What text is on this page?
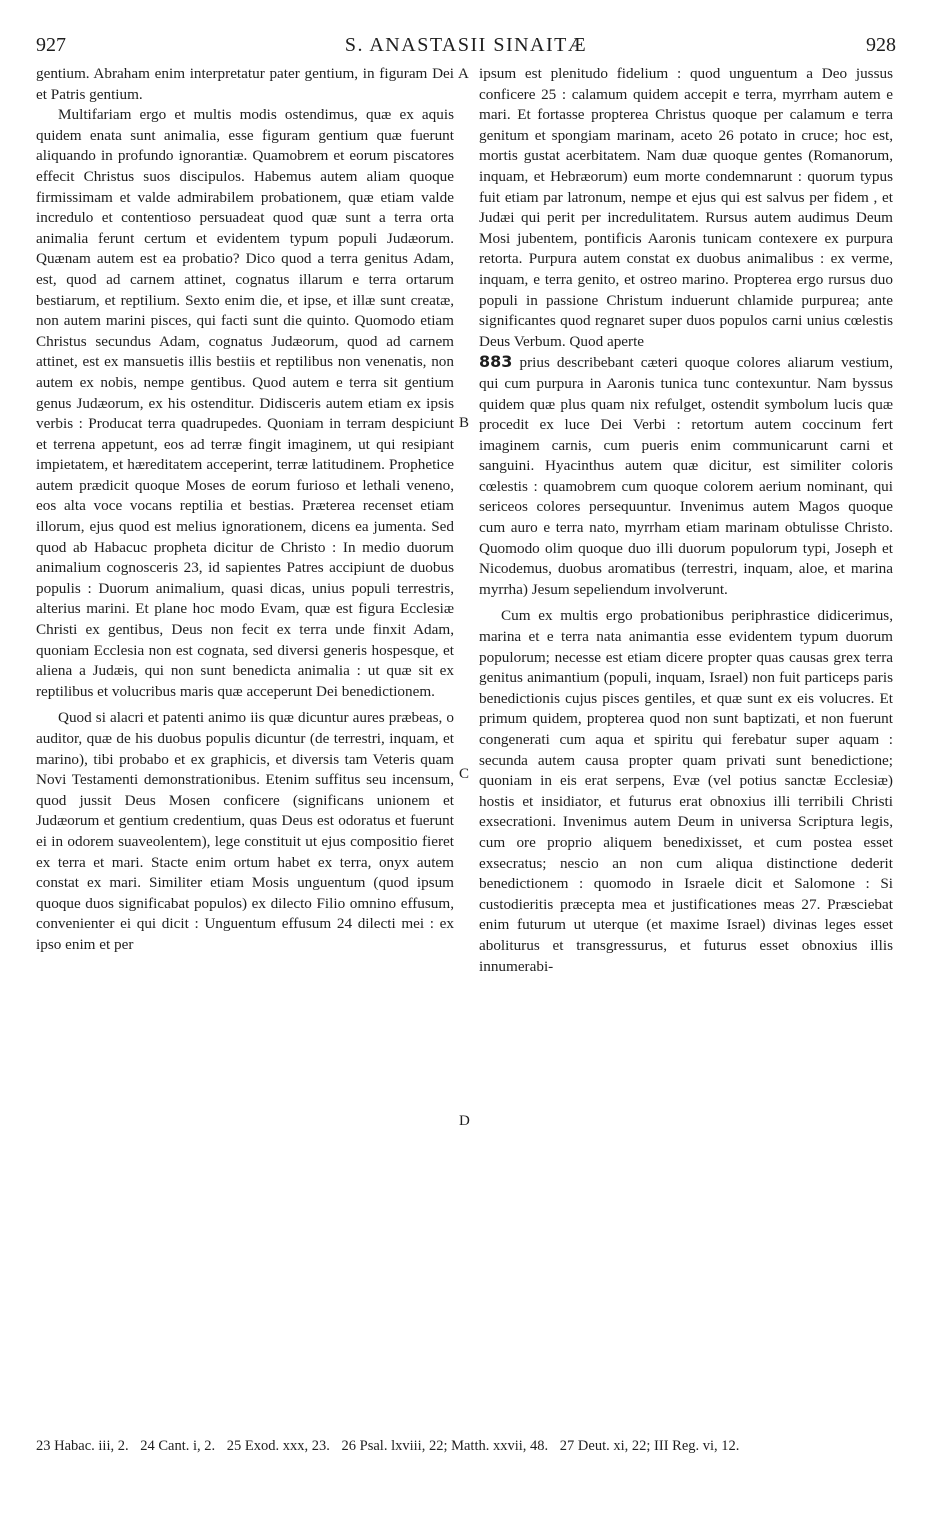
927	S. ANASTASII SINAITÆ	928
A
B
C
D

gentium. Abraham enim interpretatur pater gentium, in figuram Dei et Patris gentium.

Multifariam ergo et multis modis ostendimus, quæ ex aquis quidem enata sunt animalia, esse figuram gentium quæ fuerunt aliquando in profundo ignorantiæ. Quamobrem et eorum piscatores effecit Christus suos discipulos. Habemus autem aliam quoque firmissimam et valde admirabilem probationem, quæ etiam valde incredulo et contentioso persuadeat quod quæ sunt a terra orta animalia ferunt certum et evidentem typum populi Judæorum. Quænam autem est ea probatio? Dico quod a terra genitus Adam, est, quod ad carnem attinet, cognatus illarum e terra ortarum bestiarum, et reptilium. Sexto enim die, et ipse, et illæ sunt creatæ, non autem marini pisces, qui facti sunt die quinto. Quomodo etiam Christus secundus Adam, cognatus Judæorum, quod ad carnem attinet, est ex mansuetis illis bestiis et reptilibus non venenatis, non autem ex nobis, nempe gentibus. Quod autem e terra sit gentium genus Judæorum, ex his ostenditur. Didisceris autem etiam ex ipsis verbis : Producat terra quadrupedes. Quoniam in terram despiciunt et terrena appetunt, eos ad terræ fingit imaginem, ut qui resipiant impietatem, et hæreditatem acceperint, terræ latitudinem. Prophetice autem prædicit quoque Moses de eorum furioso et lethali veneno, eos alta voce vocans reptilia et bestias. Præterea recenset etiam illorum, ejus quod est melius ignorationem, dicens ea jumenta. Sed quod ab Habacuc propheta dicitur de Christo : In medio duorum animalium cognosceris 23, id sapientes Patres accipiunt de duobus populis : Duorum animalium, quasi dicas, unius populi terrestris, alterius marini. Et plane hoc modo Evam, quæ est figura Ecclesiæ Christi ex gentibus, Deus non fecit ex terra unde finxit Adam, quoniam Ecclesia non est cognata, sed diversi generis hospesque, et aliena a Judæis, qui non sunt benedicta animalia : ut quæ sit ex reptilibus et volucribus maris quæ acceperunt Dei benedictionem.

Quod si alacri et patenti animo iis quæ dicuntur aures præbeas, o auditor, quæ de his duobus populis dicuntur (de terrestri, inquam, et marino), tibi probabo et ex graphicis, et diversis tam Veteris quam Novi Testamenti demonstrationibus. Etenim suffitus seu incensum, quod jussit Deus Mosen conficere (significans unionem et Judæorum et gentium credentium, quas Deus est odoratus et fuerunt ei in odorem suaveolentem), lege constituit ut ejus compositio fieret ex terra et mari. Stacte enim ortum habet ex terra, onyx autem constat ex mari. Similiter etiam Mosis unguentum (quod ipsum quoque duos significabat populos) ex dilecto Filio omnino effusum, convenienter ei qui dicit : Unguentum effusum 24 dilecti mei : ex ipso enim et per

ipsum est plenitudo fidelium : quod unguentum a Deo jussus conficere 25 : calamum quidem accepit e terra, myrrham autem e mari. Et fortasse propterea Christus quoque per calamum e terra genitum et spongiam marinam, aceto 26 potato in cruce; hoc est, mortis gustat acerbitatem. Nam duæ quoque gentes (Romanorum, inquam, et Hebræorum) eum morte condemnarunt : quorum typus fuit etiam par latronum, nempe et ejus qui est salvus per fidem , et Judæi qui perit per incredulitatem. Rursus autem audimus Deum Mosi jubentem, pontificis Aaronis tunicam contexere ex purpura retorta. Purpura autem constat ex duobus animalibus : ex verme, inquam, e terra genito, et ostreo marino. Propterea ergo rursus duo populi in passione Christum induerunt chlamide purpurea; ante significantes quod regnaret super duos populos carni unius cœlestis Deus Verbum. Quod aperte

883 prius describebant cæteri quoque colores aliarum vestium, qui cum purpura in Aaronis tunica tunc contexuntur. Nam byssus quidem quæ plus quam nix refulget, ostendit symbolum lucis quæ procedit ex luce Dei Verbi : retortum autem coccinum fert imaginem carnis, cum pueris enim communicarunt carni et sanguini. Hyacinthus autem quæ dicitur, est similiter coloris cœlestis : quamobrem cum quoque colorem aerium nominant, qui sericeos colores persequuntur. Invenimus autem Magos quoque cum auro e terra nato, myrrham etiam marinam obtulisse Christo. Quomodo olim quoque duo illi duorum populorum typi, Joseph et Nicodemus, duobus aromatibus (terrestri, inquam, aloe, et marina myrrha) Jesum sepeliendum involverunt.

Cum ex multis ergo probationibus periphrastice didicerimus, marina et e terra nata animantia esse evidentem typum duorum populorum; necesse est etiam dicere propter quas causas grex terra genitus animantium (populi, inquam, Israel) non fuit particeps paris benedictionis cujus pisces gentiles, et quæ sunt ex eis volucres. Et primum quidem, propterea quod non sunt baptizati, et non fuerunt congenerati cum aqua et spiritu qui ferebatur super aquam : secunda autem causa propter quam privati sunt benedictione; quoniam in eis erat serpens, Evæ (vel potius sanctæ Ecclesiæ) hostis et insidiator, et futurus erat obnoxius illi terribili Christi exsecrationi. Invenimus autem Deum in universa Scriptura legis, cum ore proprio aliquem benedixisset, et cum postea esset exsecratus; nescio an non cum aliqua distinctione dederit benedictionem : quomodo in Israele dicit et Salomone : Si custodieritis præcepta mea et justificationes meas 27. Præsciebat enim futurum ut uterque (et maxime Israel) divinas leges esset aboliturus et transgressurus, et futurus esset obnoxius illis innumerabi-

23 Habac. iii, 2. 24 Cant. i, 2. 25 Exod. xxx, 23. 26 Psal. lxviii, 22; Matth. xxvii, 48. 27 Deut. xi, 22; III Reg. vi, 12.
